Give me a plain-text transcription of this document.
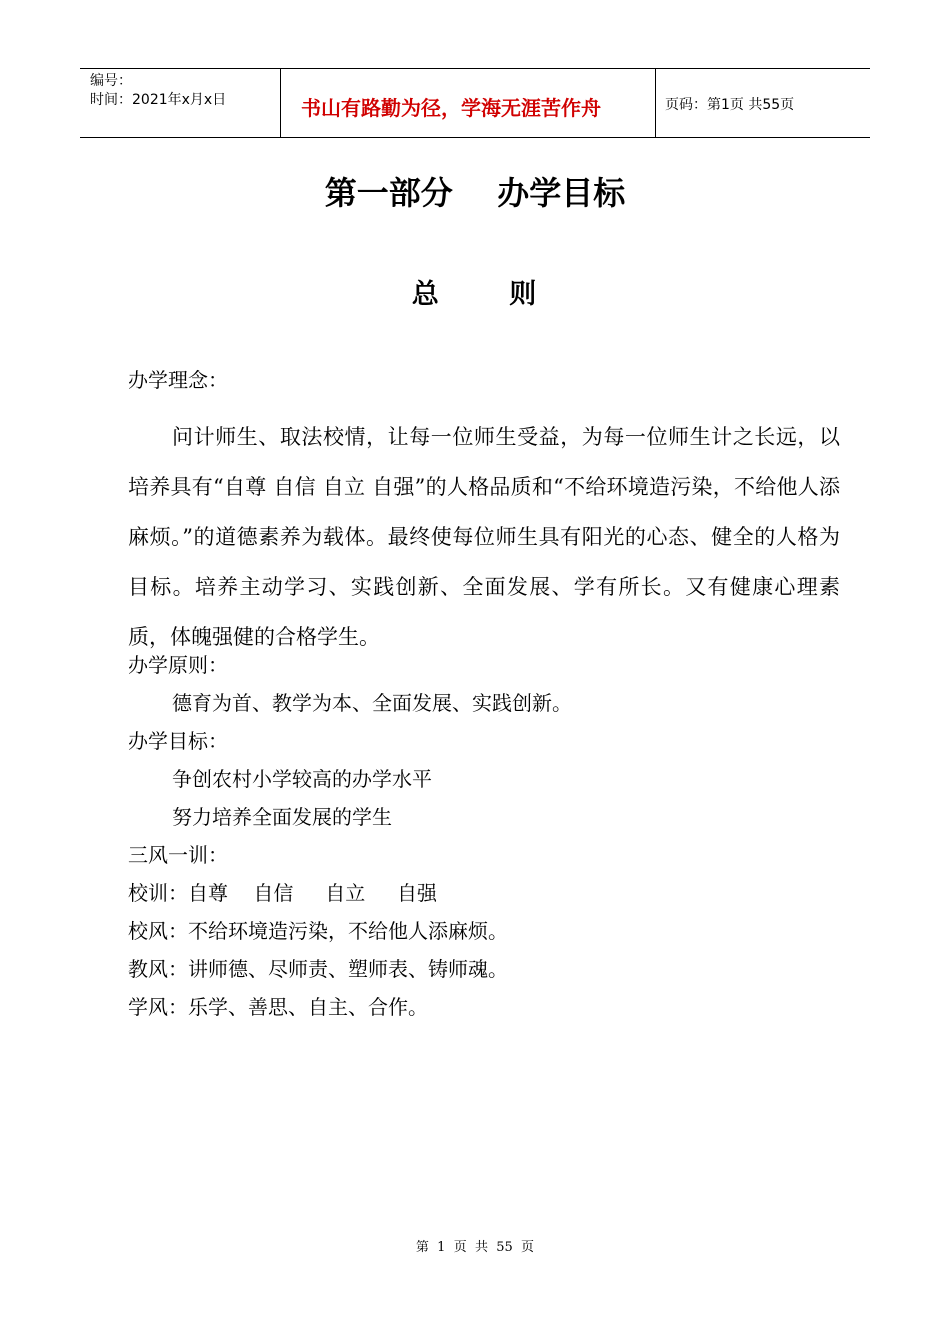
编号：
时间：2021年x月x日	书山有路勤为径，学海无涯苦作舟	页码：第1页 共55页
第一部分    办学目标
总      则
办学理念：
问计师生、取法校情，让每一位师生受益，为每一位师生计之长远，以培养具有“自尊 自信 自立 自强”的人格品质和“不给环境造污染，不给他人添麻烦。”的道德素养为载体。最终使每位师生具有阳光的心态、健全的人格为目标。培养主动学习、实践创新、全面发展、学有所长。又有健康心理素质，体魄强健的合格学生。
办学原则：
德育为首、教学为本、全面发展、实践创新。
办学目标：
争创农村小学较高的办学水平
努力培养全面发展的学生
三风一训：
校训：自尊    自信     自立     自强
校风：不给环境造污染，不给他人添麻烦。
教风：讲师德、尽师责、塑师表、铸师魂。
学风：乐学、善思、自主、合作。
第  1  页  共  55  页
